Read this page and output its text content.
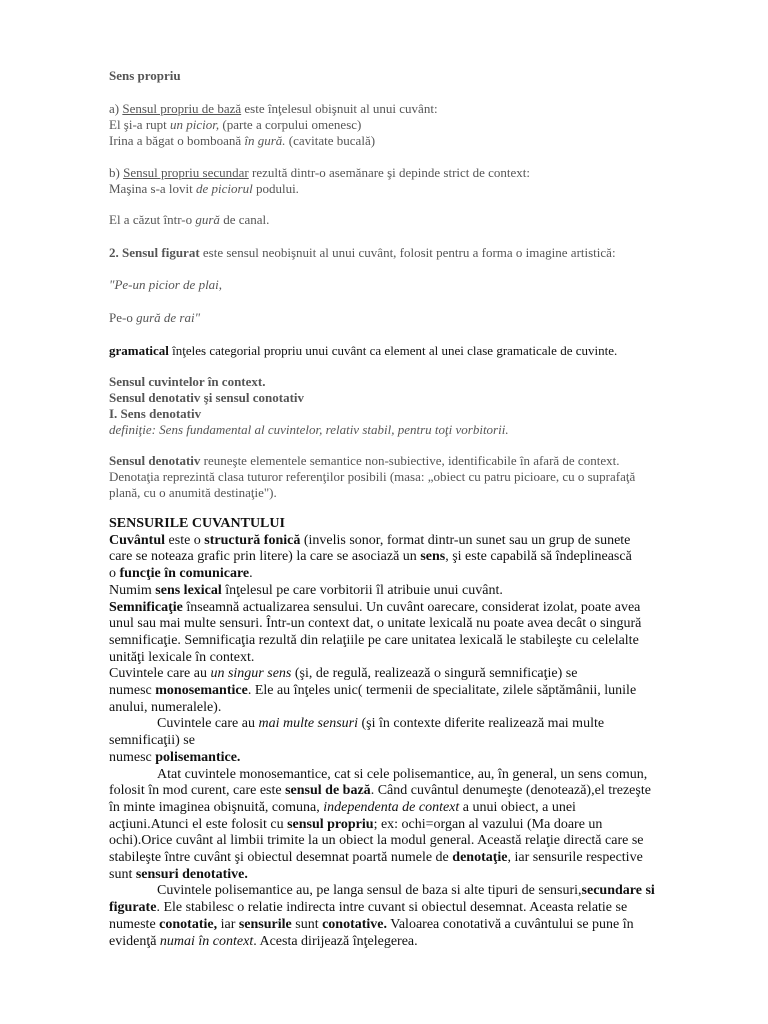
Sens propriu

a) Sensul propriu de bază este înţelesul obişnuit al unui cuvânt:

El şi-a rupt un picior, (parte a corpului omenesc)

Irina a băgat o bomboană în gură. (cavitate bucală)

b) Sensul propriu secundar rezultă dintr-o asemănare şi depinde strict de context:

Maşina s-a lovit de piciorul podului.

El a căzut într-o gură de canal.

2. Sensul figurat este sensul neobişnuit al unui cuvânt, folosit pentru a forma o imagine artistică:

"Pe-un picior de plai,

Pe-o gură de rai"

gramatical înţeles categorial propriu unui cuvânt ca element al unei clase gramaticale de cuvinte.

Sensul cuvintelor în context.

Sensul denotativ şi sensul conotativ

I. Sens denotativ

definiţie: Sens fundamental al cuvintelor, relativ stabil, pentru toţi vorbitorii.

Sensul denotativ reuneşte elementele semantice non-subiective, identificabile în afară de context.

Denotaţia reprezintă clasa tuturor referenţilor posibili (masa: „obiect cu patru picioare, cu o suprafaţă

plană, cu o anumită destinaţie").

SENSURILE CUVANTULUI

Cuvântul este o structură fonică (invelis sonor, format dintr-un sunet sau un grup de sunete

care se noteaza grafic prin litere) la care se asociază un sens, şi este capabilă să îndeplinească

o funcţie în comunicare.

Numim sens lexical înţelesul pe care vorbitorii îl atribuie unui cuvânt.

Semnificaţie înseamnă actualizarea sensului. Un cuvânt oarecare, considerat izolat, poate avea

unul sau mai multe sensuri. Într-un context dat, o unitate lexicală nu poate avea decât o singură

semnificaţie. Semnificaţia rezultă din relaţiile pe care unitatea lexicală le stabileşte cu celelalte

unităţi lexicale în context.

Cuvintele care au un singur sens (şi, de regulă, realizează o singură semnificaţie) se

numesc monosemantice. Ele au înţeles unic( termenii de specialitate, zilele săptămânii, lunile

anului, numeralele).

Cuvintele care au mai multe sensuri (şi în contexte diferite realizează mai multe

semnificaţii) se

numesc polisemantice.

Atat cuvintele monosemantice, cat si cele polisemantice, au, în general, un sens comun,

folosit în mod curent, care este sensul de bază. Când cuvântul denumeşte (denotează),el trezeşte

în minte imaginea obişnuită, comuna, independenta de context a unui obiect, a unei

acţiuni.Atunci el este folosit cu sensul propriu; ex: ochi=organ al vazului (Ma doare un

ochi).Orice cuvânt al limbii trimite la un obiect la modul general. Această relaţie directă care se

stabileşte între cuvânt şi obiectul desemnat poartă numele de denotaţie, iar sensurile respective

sunt sensuri denotative.

Cuvintele polisemantice au, pe langa sensul de baza si alte tipuri de sensuri,secundare si

figurate. Ele stabilesc o relatie indirecta intre cuvant si obiectul desemnat. Aceasta relatie se

numeste conotatie, iar sensurile sunt conotative. Valoarea conotativă a cuvântului se pune în

evidenţă numai în context. Acesta dirijează înţelegerea.
